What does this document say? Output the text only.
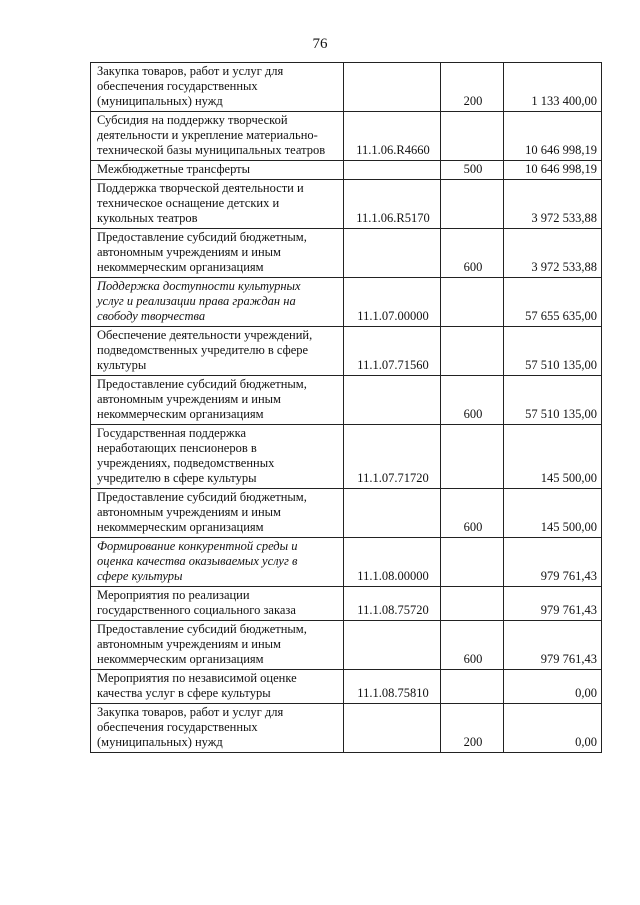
76
Закупка товаров, работ и услуг для
обеспечения государственных
(муниципальных) нужд		200	1 133 400,00
Субсидия на поддержку творческой
деятельности и укрепление материально-
технической базы муниципальных театров	11.1.06.R4660		10 646 998,19
Межбюджетные трансферты		500	10 646 998,19
Поддержка творческой деятельности и
техническое оснащение детских и
кукольных театров	11.1.06.R5170		3 972 533,88
Предоставление субсидий бюджетным,
автономным учреждениям и иным
некоммерческим организациям		600	3 972 533,88
Поддержка доступности культурных
услуг и реализации права граждан на
свободу творчества	11.1.07.00000		57 655 635,00
Обеспечение деятельности учреждений,
подведомственных учредителю в сфере
культуры	11.1.07.71560		57 510 135,00
Предоставление субсидий бюджетным,
автономным учреждениям и иным
некоммерческим организациям		600	57 510 135,00
Государственная поддержка
неработающих пенсионеров в
учреждениях, подведомственных
учредителю в сфере культуры	11.1.07.71720		145 500,00
Предоставление субсидий бюджетным,
автономным учреждениям и иным
некоммерческим организациям		600	145 500,00
Формирование конкурентной среды и
оценка качества оказываемых услуг в
сфере культуры	11.1.08.00000		979 761,43
Мероприятия по реализации
государственного социального заказа	11.1.08.75720		979 761,43
Предоставление субсидий бюджетным,
автономным учреждениям и иным
некоммерческим организациям		600	979 761,43
Мероприятия по независимой оценке
качества услуг в сфере культуры	11.1.08.75810		0,00
Закупка товаров, работ и услуг для
обеспечения государственных
(муниципальных) нужд		200	0,00
